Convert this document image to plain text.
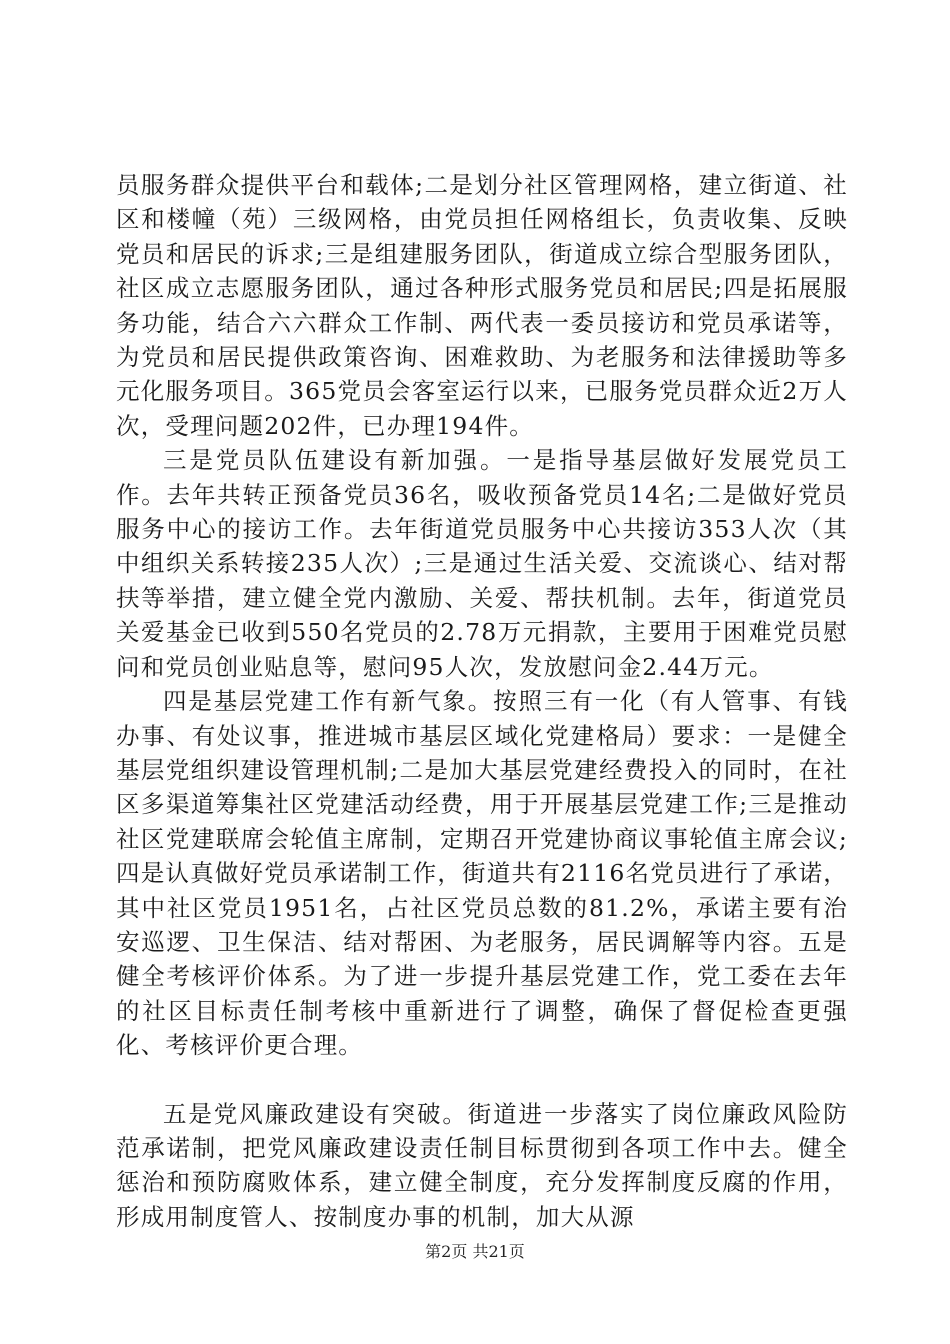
员服务群众提供平台和载体;二是划分社区管理网格，建立街道、社区和楼幢（苑）三级网格，由党员担任网格组长，负责收集、反映党员和居民的诉求;三是组建服务团队，街道成立综合型服务团队，社区成立志愿服务团队，通过各种形式服务党员和居民;四是拓展服务功能，结合六六群众工作制、两代表一委员接访和党员承诺等，为党员和居民提供政策咨询、困难救助、为老服务和法律援助等多元化服务项目。365党员会客室运行以来，已服务党员群众近2万人次，受理问题202件，已办理194件。

三是党员队伍建设有新加强。一是指导基层做好发展党员工作。去年共转正预备党员36名，吸收预备党员14名;二是做好党员服务中心的接访工作。去年街道党员服务中心共接访353人次（其中组织关系转接235人次）;三是通过生活关爱、交流谈心、结对帮扶等举措，建立健全党内激励、关爱、帮扶机制。去年，街道党员关爱基金已收到550名党员的2.78万元捐款，主要用于困难党员慰问和党员创业贴息等，慰问95人次，发放慰问金2.44万元。

四是基层党建工作有新气象。按照三有一化（有人管事、有钱办事、有处议事，推进城市基层区域化党建格局）要求：一是健全基层党组织建设管理机制;二是加大基层党建经费投入的同时，在社区多渠道筹集社区党建活动经费，用于开展基层党建工作;三是推动社区党建联席会轮值主席制，定期召开党建协商议事轮值主席会议;四是认真做好党员承诺制工作，街道共有2116名党员进行了承诺，其中社区党员1951名，占社区党员总数的81.2%，承诺主要有治安巡逻、卫生保洁、结对帮困、为老服务，居民调解等内容。五是健全考核评价体系。为了进一步提升基层党建工作，党工委在去年的社区目标责任制考核中重新进行了调整，确保了督促检查更强化、考核评价更合理。

五是党风廉政建设有突破。街道进一步落实了岗位廉政风险防范承诺制，把党风廉政建设责任制目标贯彻到各项工作中去。健全惩治和预防腐败体系，建立健全制度，充分发挥制度反腐的作用，形成用制度管人、按制度办事的机制，加大从源

第2页 共21页
